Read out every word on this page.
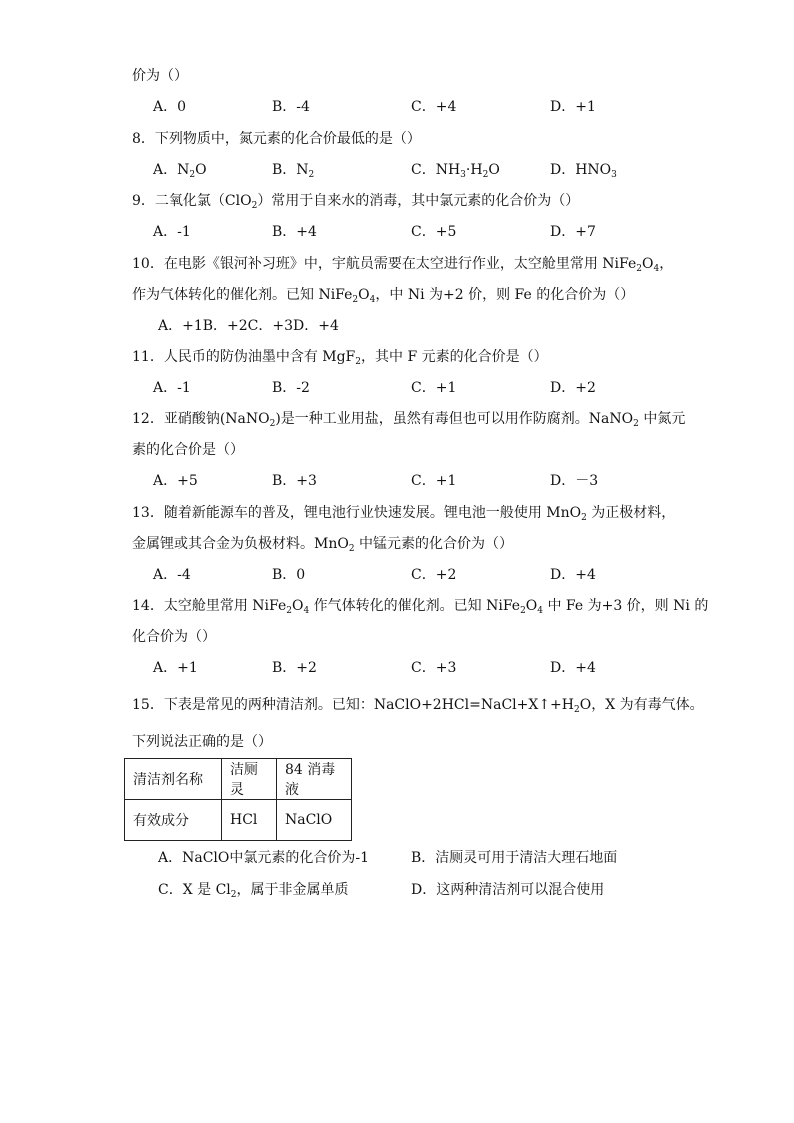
价为（）
A．0	B．-4	C．+4	D．+1
8．下列物质中，氮元素的化合价最低的是（）
A．$N_2O$	B．$N_2$	C．$NH_3\cdot H_2O$	D．$HNO_3$
9．二氧化氯（ClO$_2$）常用于自来水的消毒，其中氯元素的化合价为（）
A．-1	B．+4	C．+5	D．+7
10．在电影《银河补习班》中，宇航员需要在太空进行作业，太空舱里常用 $NiFe_2O_4$，
作为气体转化的催化剂。已知 $NiFe_2O_4$，中 Ni 为+2 价，则 Fe 的化合价为（）
A．+1B．+2C．+3D．+4
11．人民币的防伪油墨中含有 MgF$_2$，其中 F 元素的化合价是（）
A．-1	B．-2	C．+1	D．+2
12．亚硝酸钠(NaNO$_2$)是一种工业用盐，虽然有毒但也可以用作防腐剂。NaNO$_2$ 中氮元
素的化合价是（）
A．+5	B．+3	C．+1	D．－3
13．随着新能源车的普及，锂电池行业快速发展。锂电池一般使用 MnO$_2$ 为正极材料，
金属锂或其合金为负极材料。MnO$_2$ 中锰元素的化合价为（）
A．-4	B．0	C．+2	D．+4
14．太空舱里常用 $NiFe_2O_4$ 作气体转化的催化剂。已知 $NiFe_2O_4$ 中 Fe 为+3 价，则 Ni 的
化合价为（）
A．+1	B．+2	C．+3	D．+4
15．下表是常见的两种清洁剂。已知：$NaClO+2HCl=NaCl+X↑+H_2O$，X 为有毒气体。
下列说法正确的是（）
清洁剂名称	洁厕灵	84 消毒液
有效成分	HCl	NaClO
A．NaClO中氯元素的化合价为-1	B．洁厕灵可用于清洁大理石地面
C．X 是 $Cl_2$，属于非金属单质	D．这两种清洁剂可以混合使用
